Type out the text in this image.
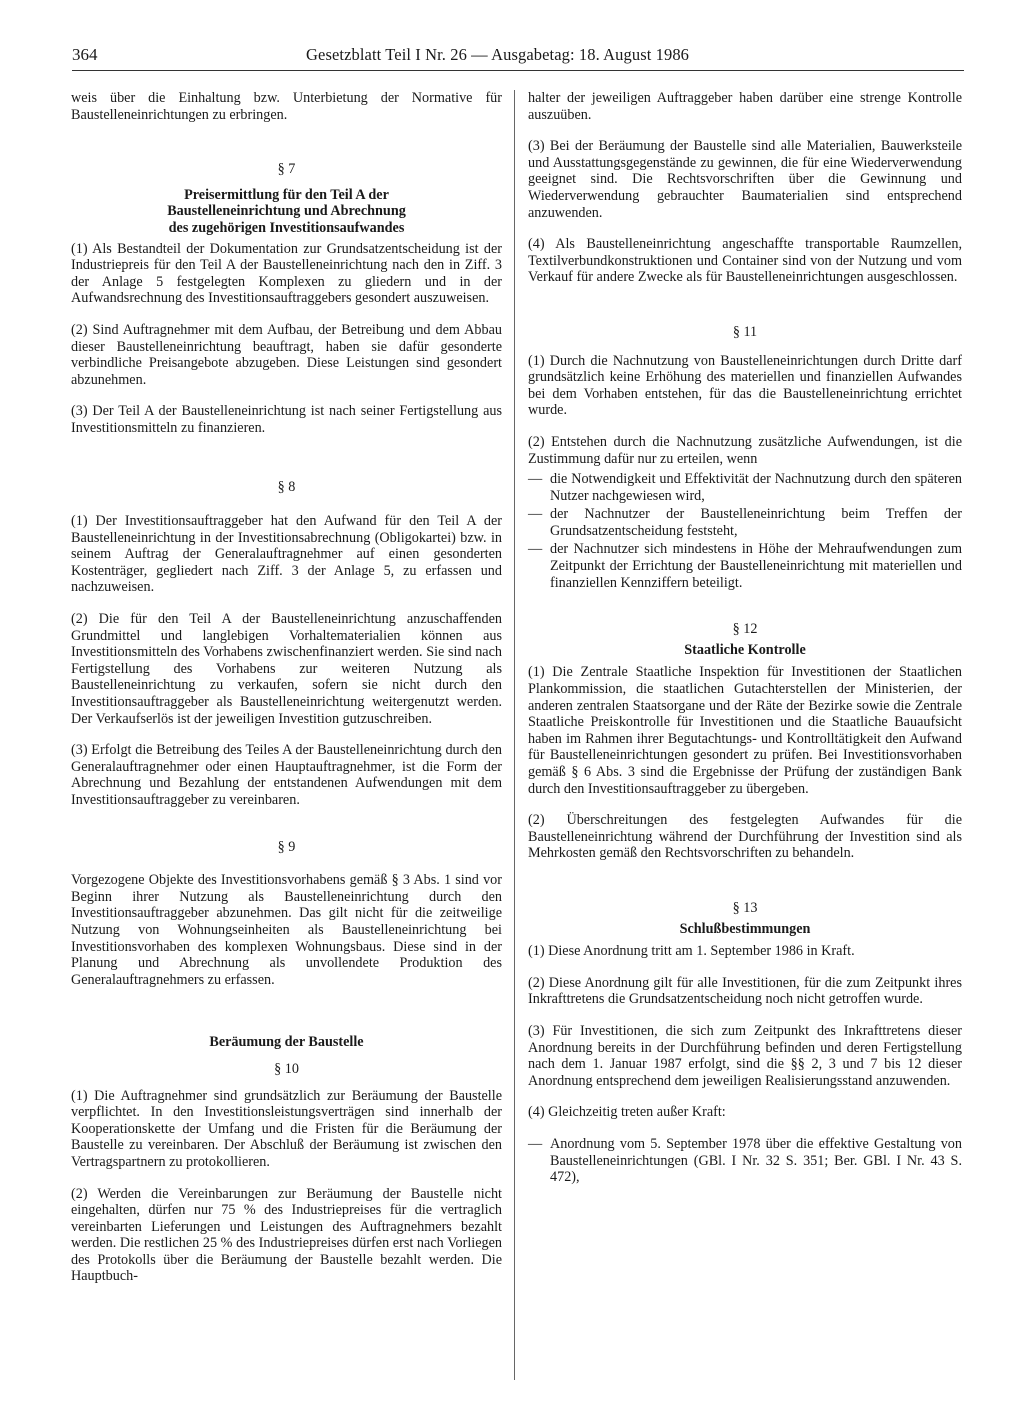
364	Gesetzblatt Teil I Nr. 26 — Ausgabetag: 18. August 1986

weis über die Einhaltung bzw. Unterbietung der Normative für Baustelleneinrichtungen zu erbringen.

§ 7

Preisermittlung für den Teil A der

Baustelleneinrichtung und Abrechnung

des zugehörigen Investitionsaufwandes

(1) Als Bestandteil der Dokumentation zur Grundsatzentscheidung ist der Industriepreis für den Teil A der Baustelleneinrichtung nach den in Ziff. 3 der Anlage 5 festgelegten Komplexen zu gliedern und in der Aufwandsrechnung des Investitionsauftraggebers gesondert auszuweisen.

(2) Sind Auftragnehmer mit dem Aufbau, der Betreibung und dem Abbau dieser Baustelleneinrichtung beauftragt, haben sie dafür gesonderte verbindliche Preisangebote abzugeben. Diese Leistungen sind gesondert abzunehmen.

(3) Der Teil A der Baustelleneinrichtung ist nach seiner Fertigstellung aus Investitionsmitteln zu finanzieren.

§ 8

(1) Der Investitionsauftraggeber hat den Aufwand für den Teil A der Baustelleneinrichtung in der Investitionsabrechnung (Obligokartei) bzw. in seinem Auftrag der Generalauftragnehmer auf einen gesonderten Kostenträger, gegliedert nach Ziff. 3 der Anlage 5, zu erfassen und nachzuweisen.

(2) Die für den Teil A der Baustelleneinrichtung anzuschaffenden Grundmittel und langlebigen Vorhaltematerialien können aus Investitionsmitteln des Vorhabens zwischenfinanziert werden. Sie sind nach Fertigstellung des Vorhabens zur weiteren Nutzung als Baustelleneinrichtung zu verkaufen, sofern sie nicht durch den Investitionsauftraggeber als Baustelleneinrichtung weitergenutzt werden. Der Verkaufserlös ist der jeweiligen Investition gutzuschreiben.

(3) Erfolgt die Betreibung des Teiles A der Baustelleneinrichtung durch den Generalauftragnehmer oder einen Hauptauftragnehmer, ist die Form der Abrechnung und Bezahlung der entstandenen Aufwendungen mit dem Investitionsauftraggeber zu vereinbaren.

§ 9

Vorgezogene Objekte des Investitionsvorhabens gemäß § 3 Abs. 1 sind vor Beginn ihrer Nutzung als Baustelleneinrichtung durch den Investitionsauftraggeber abzunehmen. Das gilt nicht für die zeitweilige Nutzung von Wohnungseinheiten als Baustelleneinrichtung bei Investitionsvorhaben des komplexen Wohnungsbaus. Diese sind in der Planung und Abrechnung als unvollendete Produktion des Generalauftragnehmers zu erfassen.

Beräumung der Baustelle

§ 10

(1) Die Auftragnehmer sind grundsätzlich zur Beräumung der Baustelle verpflichtet. In den Investitionsleistungsverträgen sind innerhalb der Kooperationskette der Umfang und die Fristen für die Beräumung der Baustelle zu vereinbaren. Der Abschluß der Beräumung ist zwischen den Vertragspartnern zu protokollieren.

(2) Werden die Vereinbarungen zur Beräumung der Baustelle nicht eingehalten, dürfen nur 75 % des Industriepreises für die vertraglich vereinbarten Lieferungen und Leistungen des Auftragnehmers bezahlt werden. Die restlichen 25 % des Industriepreises dürfen erst nach Vorliegen des Protokolls über die Beräumung der Baustelle bezahlt werden. Die Hauptbuch-

halter der jeweiligen Auftraggeber haben darüber eine strenge Kontrolle auszuüben.

(3) Bei der Beräumung der Baustelle sind alle Materialien, Bauwerksteile und Ausstattungsgegenstände zu gewinnen, die für eine Wiederverwendung geeignet sind. Die Rechtsvorschriften über die Gewinnung und Wiederverwendung gebrauchter Baumaterialien sind entsprechend anzuwenden.

(4) Als Baustelleneinrichtung angeschaffte transportable Raumzellen, Textilverbundkonstruktionen und Container sind von der Nutzung und vom Verkauf für andere Zwecke als für Baustelleneinrichtungen ausgeschlossen.

§ 11

(1) Durch die Nachnutzung von Baustelleneinrichtungen durch Dritte darf grundsätzlich keine Erhöhung des materiellen und finanziellen Aufwandes bei dem Vorhaben entstehen, für das die Baustelleneinrichtung errichtet wurde.

(2) Entstehen durch die Nachnutzung zusätzliche Aufwendungen, ist die Zustimmung dafür nur zu erteilen, wenn

— die Notwendigkeit und Effektivität der Nachnutzung durch den späteren Nutzer nachgewiesen wird,
— der Nachnutzer der Baustelleneinrichtung beim Treffen der Grundsatzentscheidung feststeht,
— der Nachnutzer sich mindestens in Höhe der Mehraufwendungen zum Zeitpunkt der Errichtung der Baustelleneinrichtung mit materiellen und finanziellen Kennziffern beteiligt.

§ 12

Staatliche Kontrolle

(1) Die Zentrale Staatliche Inspektion für Investitionen der Staatlichen Plankommission, die staatlichen Gutachterstellen der Ministerien, der anderen zentralen Staatsorgane und der Räte der Bezirke sowie die Zentrale Staatliche Preiskontrolle für Investitionen und die Staatliche Bauaufsicht haben im Rahmen ihrer Begutachtungs- und Kontrolltätigkeit den Aufwand für Baustelleneinrichtungen gesondert zu prüfen. Bei Investitionsvorhaben gemäß § 6 Abs. 3 sind die Ergebnisse der Prüfung der zuständigen Bank durch den Investitionsauftraggeber zu übergeben.

(2) Überschreitungen des festgelegten Aufwandes für die Baustelleneinrichtung während der Durchführung der Investition sind als Mehrkosten gemäß den Rechtsvorschriften zu behandeln.

§ 13

Schlußbestimmungen

(1) Diese Anordnung tritt am 1. September 1986 in Kraft.

(2) Diese Anordnung gilt für alle Investitionen, für die zum Zeitpunkt ihres Inkrafttretens die Grundsatzentscheidung noch nicht getroffen wurde.

(3) Für Investitionen, die sich zum Zeitpunkt des Inkrafttretens dieser Anordnung bereits in der Durchführung befinden und deren Fertigstellung nach dem 1. Januar 1987 erfolgt, sind die §§ 2, 3 und 7 bis 12 dieser Anordnung entsprechend dem jeweiligen Realisierungsstand anzuwenden.

(4) Gleichzeitig treten außer Kraft:

— Anordnung vom 5. September 1978 über die effektive Gestaltung von Baustelleneinrichtungen (GBl. I Nr. 32 S. 351; Ber. GBl. I Nr. 43 S. 472),
